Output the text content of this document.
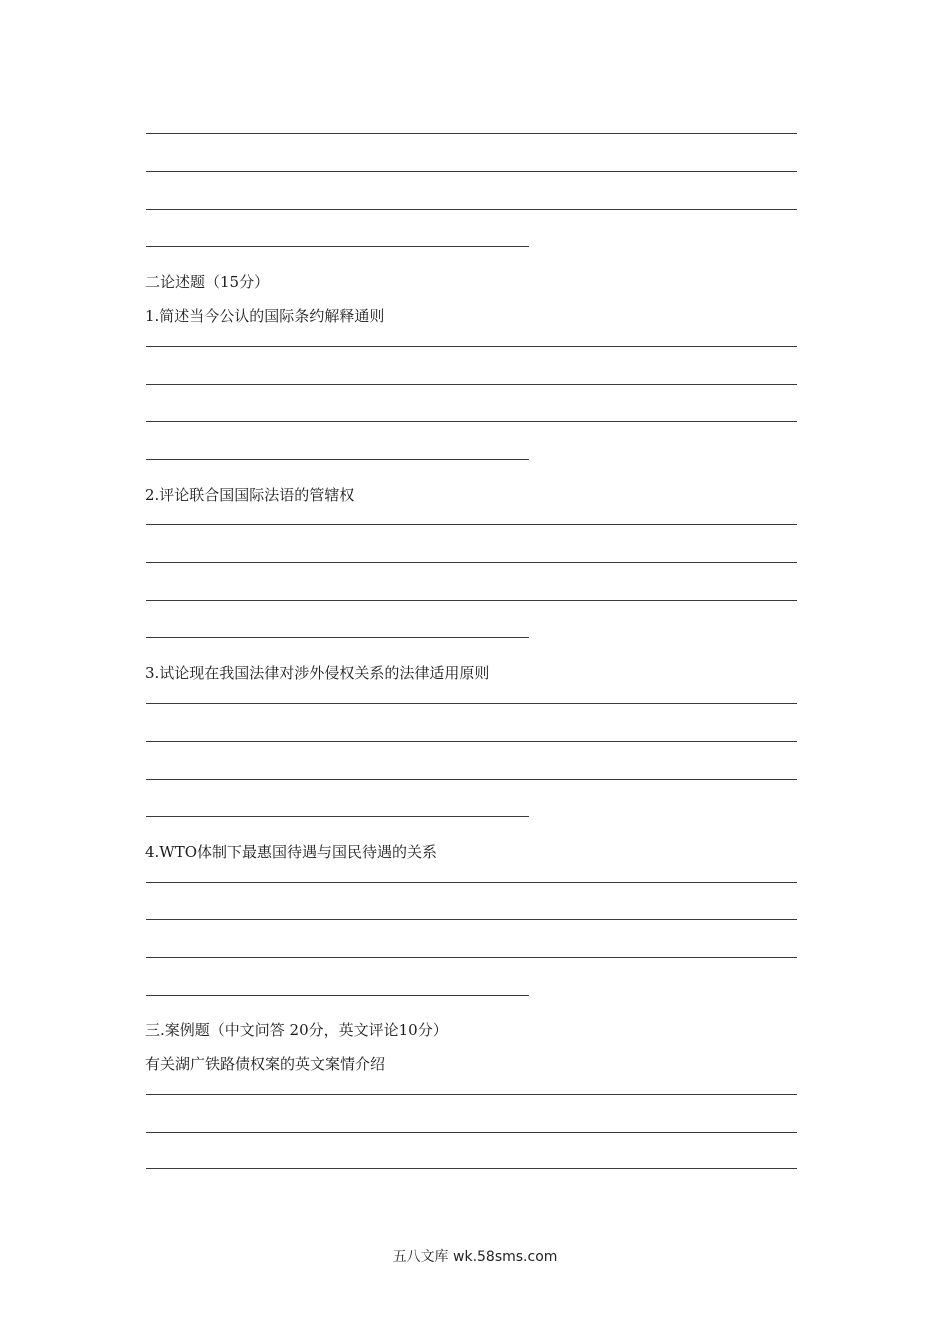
二论述题（15分）
1.简述当今公认的国际条约解释通则
2.评论联合国国际法语的管辖权
3.试论现在我国法律对涉外侵权关系的法律适用原则
4.WTO体制下最惠国待遇与国民待遇的关系
三.案例题（中文问答 20分，英文评论10分）
有关湖广铁路债权案的英文案情介绍
五八文库 wk.58sms.com
